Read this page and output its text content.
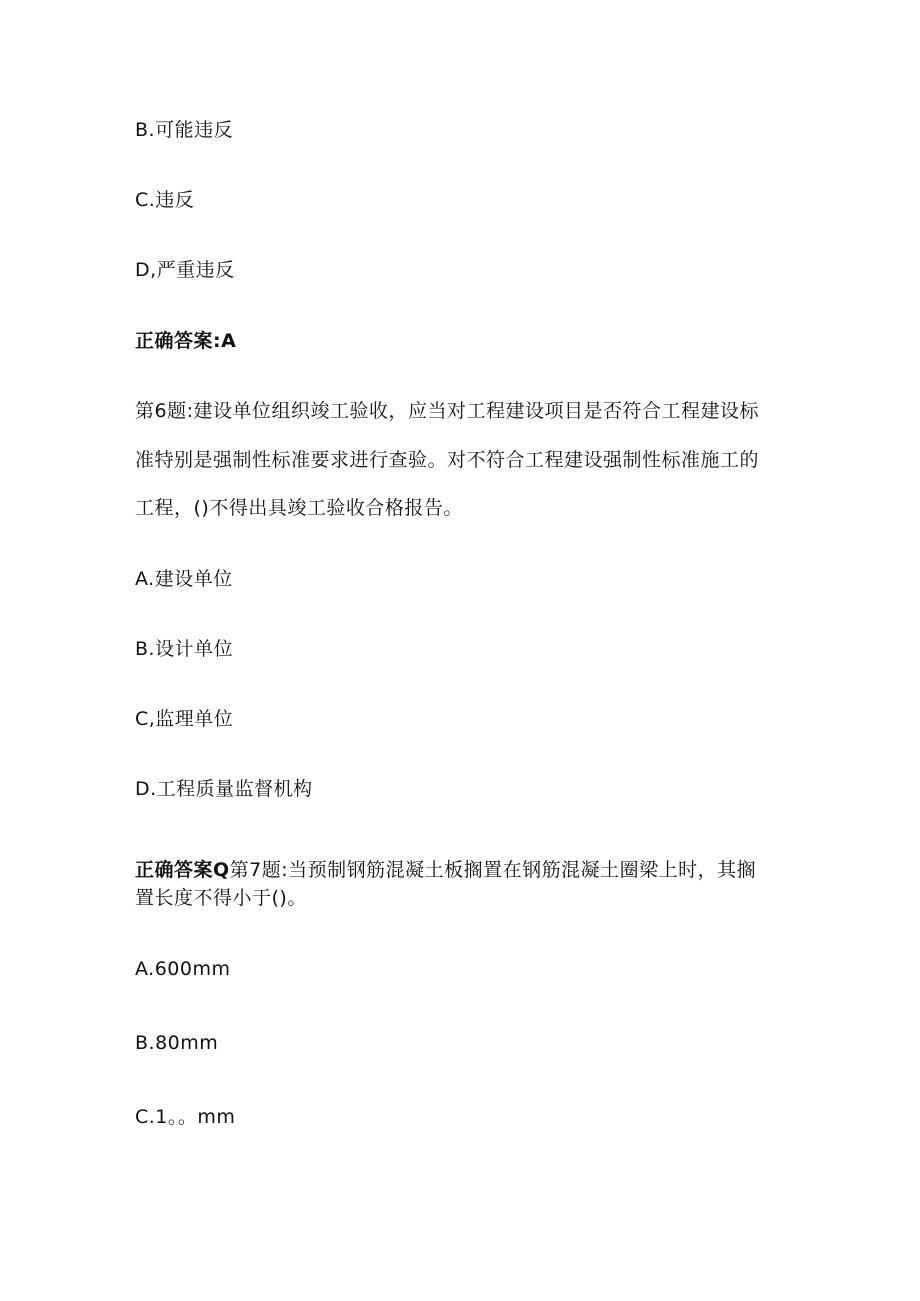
B.可能违反

C.违反

D,严重违反

正确答案:A

第6题:建设单位组织竣工验收，应当对工程建设项目是否符合工程建设标

准特别是强制性标准要求进行查验。对不符合工程建设强制性标准施工的

工程，()不得出具竣工验收合格报告。

A.建设单位

B.设计单位

C,监理单位

D.工程质量监督机构

正确答案Q第7题:当预制钢筋混凝土板搁置在钢筋混凝土圈梁上时，其搁

置长度不得小于()。

A.600mm

B.80mm

C.1。。mm
